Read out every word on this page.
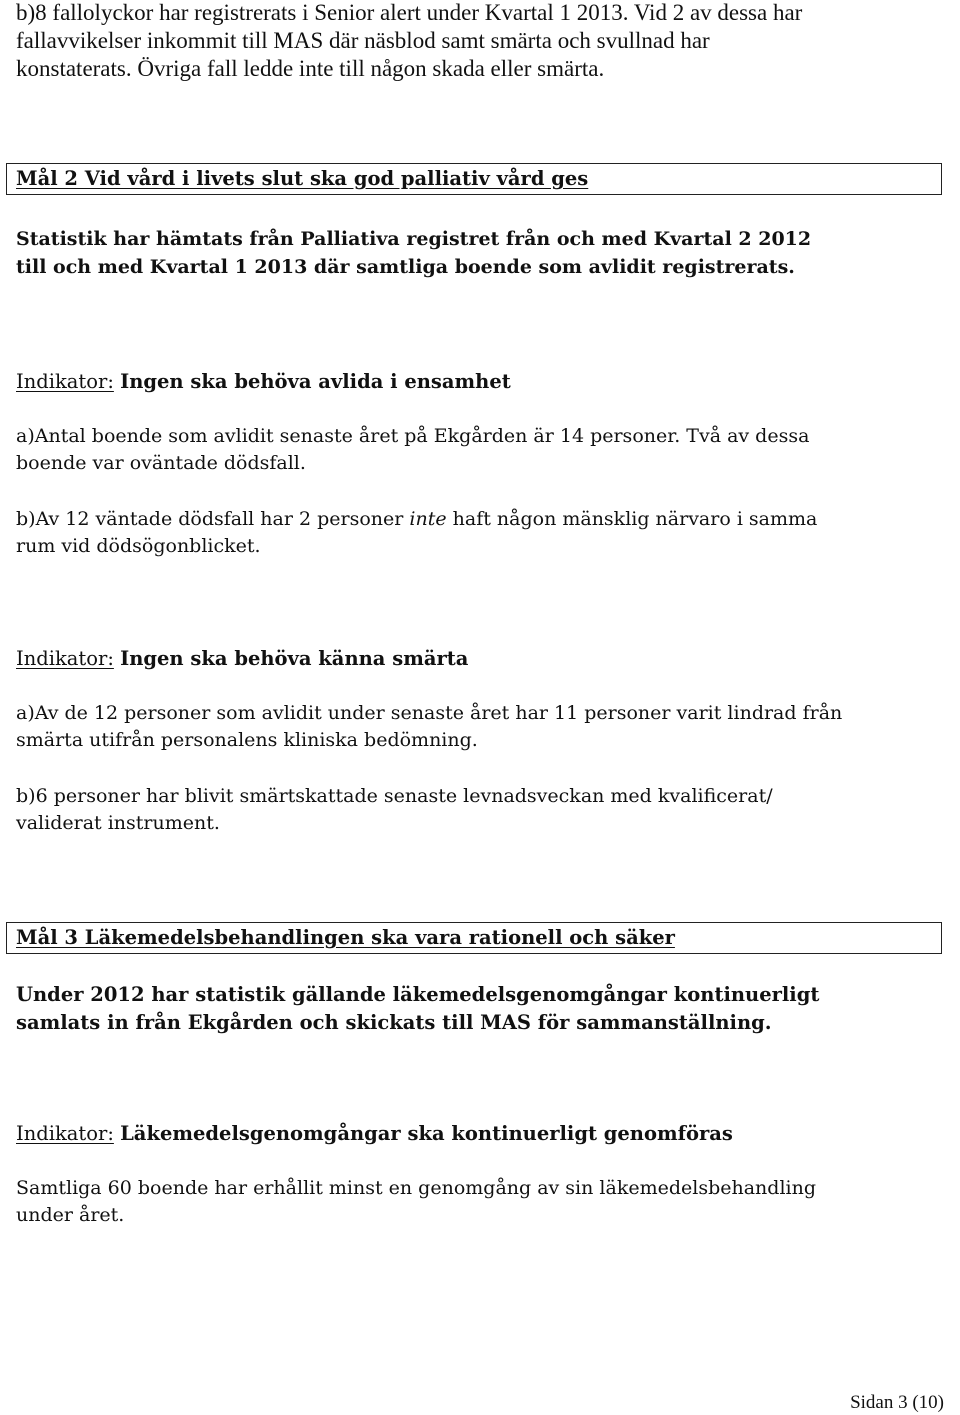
b)8 fallolyckor har registrerats i Senior alert under Kvartal 1 2013. Vid 2 av dessa har
fallavvikelser inkommit till MAS där näsblod samt smärta och svullnad har
konstaterats. Övriga fall ledde inte till någon skada eller smärta.
Mål 2 Vid vård i livets slut ska god palliativ vård ges
Statistik har hämtats från Palliativa registret från och med Kvartal 2 2012
till och med Kvartal 1 2013 där samtliga boende som avlidit registrerats.
Indikator: Ingen ska behöva avlida i ensamhet
a)Antal boende som avlidit senaste året på Ekgården är 14 personer. Två av dessa
boende var oväntade dödsfall.
b)Av 12 väntade dödsfall har 2 personer inte haft någon mänsklig närvaro i samma
rum vid dödsögonblicket.
Indikator: Ingen ska behöva känna smärta
a)Av de 12 personer som avlidit under senaste året har 11 personer varit lindrad från
smärta utifrån personalens kliniska bedömning.
b)6 personer har blivit smärtskattade senaste levnadsveckan med kvalificerat/
validerat instrument.
Mål 3 Läkemedelsbehandlingen ska vara rationell och säker
Under 2012 har statistik gällande läkemedelsgenomgångar kontinuerligt
samlats in från Ekgården och skickats till MAS för sammanställning.
Indikator: Läkemedelsgenomgångar ska kontinuerligt genomföras
Samtliga 60 boende har erhållit minst en genomgång av sin läkemedelsbehandling
under året.
Sidan 3 (10)
